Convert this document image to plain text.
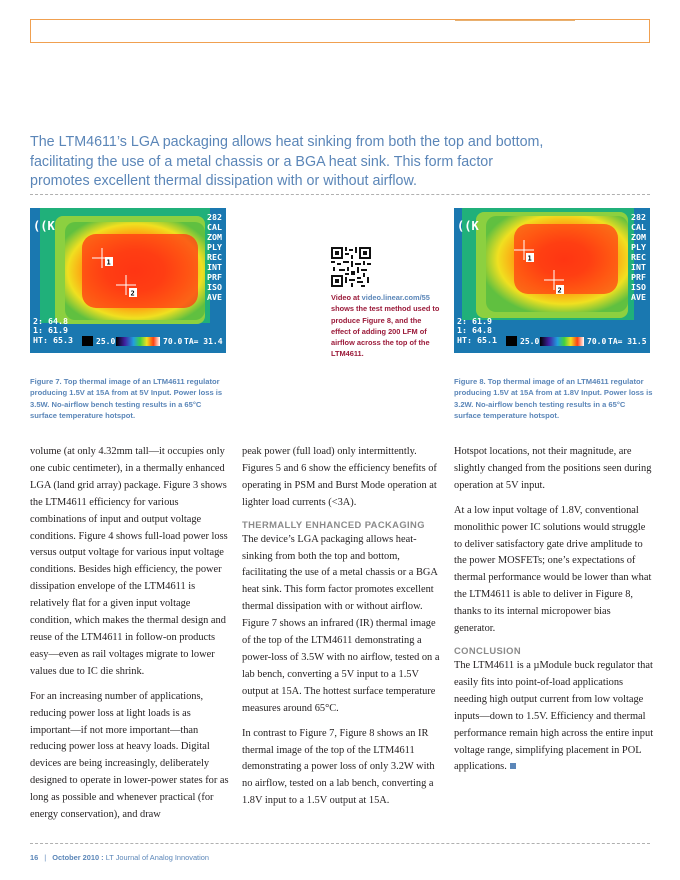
The LTM4611’s LGA packaging allows heat sinking from both the top and bottom, facilitating the use of a metal chassis or a BGA heat sink. This form factor promotes excellent thermal dissipation with or without airflow.
1
2
((K
282
CAL
ZOM
PLY
REC
INT
PRF
ISO
AVE
2: 64.8
1: 61.9
HT: 65.3	25.0	70.0 TA= 31.4
Video at video.linear.com/55 shows the test method used to produce Figure 8, and the effect of adding 200 LFM of airflow across the top of the LTM4611.
1
2
((K
282
CAL
ZOM
PLY
REC
INT
PRF
ISO
AVE
2: 61.9
1: 64.8
HT: 65.1	25.0	70.0 TA= 31.5
Figure 7. Top thermal image of an LTM4611 regulator producing 1.5V at 15A from at 5V Input. Power loss is 3.5W. No-airflow bench testing results in a 65°C surface temperature hotspot.
Figure 8. Top thermal image of an LTM4611 regulator producing 1.5V at 15A from at 1.8V Input. Power loss is 3.2W. No-airflow bench testing results in a 65°C surface temperature hotspot.

volume (at only 4.32mm tall—it occupies only one cubic centimeter), in a thermally enhanced LGA (land grid array) package. Figure 3 shows the LTM4611 efficiency for various combinations of input and output voltage conditions. Figure 4 shows full-load power loss versus output voltage for various input voltage conditions. Besides high efficiency, the power dissipation envelope of the LTM4611 is relatively flat for a given input voltage condition, which makes the thermal design and reuse of the LTM4611 in follow-on products easy—even as rail voltages migrate to lower values due to IC die shrink.

For an increasing number of applications, reducing power loss at light loads is as important—if not more important—than reducing power loss at heavy loads. Digital devices are being increasingly, deliberately designed to operate in lower-power states for as long as possible and whenever practical (for energy conservation), and draw

peak power (full load) only intermittently. Figures 5 and 6 show the efficiency benefits of operating in PSM and Burst Mode operation at lighter load currents (<3A).

THERMALLY ENHANCED PACKAGING

The device’s LGA packaging allows heat-sinking from both the top and bottom, facilitating the use of a metal chassis or a BGA heat sink. This form factor promotes excellent thermal dissipation with or without airflow. Figure 7 shows an infrared (IR) thermal image of the top of the LTM4611 demonstrating a power-loss of 3.5W with no airflow, tested on a lab bench, converting a 5V input to a 1.5V output at 15A. The hottest surface temperature measures around 65°C.

In contrast to Figure 7, Figure 8 shows an IR thermal image of the top of the LTM4611 demonstrating a power loss of only 3.2W with no airflow, tested on a lab bench, converting a 1.8V input to a 1.5V output at 15A.

Hotspot locations, not their magnitude, are slightly changed from the positions seen during operation at 5V input.

At a low input voltage of 1.8V, conventional monolithic power IC solutions would struggle to deliver satisfactory gate drive amplitude to the power MOSFETs; one’s expectations of thermal performance would be lower than what the LTM4611 is able to deliver in Figure 8, thanks to its internal micropower bias generator.

CONCLUSION

The LTM4611 is a µModule buck regulator that easily fits into point-of-load applications needing high output current from low voltage inputs—down to 1.5V. Efficiency and thermal performance remain high across the entire input voltage range, simplifying placement in POL applications.

16 | October 2010 : LT Journal of Analog Innovation
